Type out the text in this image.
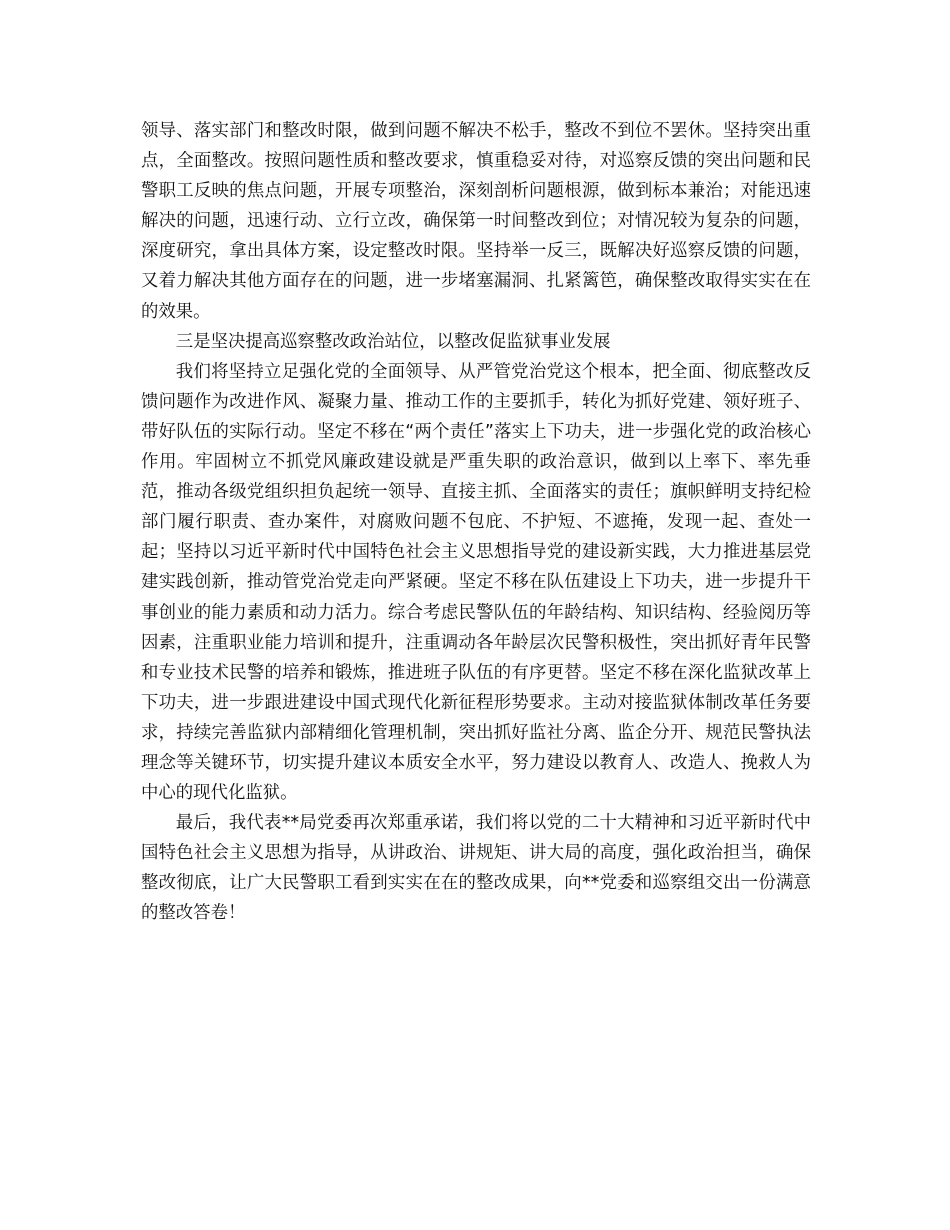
领导、落实部门和整改时限，做到问题不解决不松手，整改不到位不罢休。坚持突出重点，全面整改。按照问题性质和整改要求，慎重稳妥对待，对巡察反馈的突出问题和民警职工反映的焦点问题，开展专项整治，深刻剖析问题根源，做到标本兼治；对能迅速解决的问题，迅速行动、立行立改，确保第一时间整改到位；对情况较为复杂的问题，深度研究，拿出具体方案，设定整改时限。坚持举一反三，既解决好巡察反馈的问题，又着力解决其他方面存在的问题，进一步堵塞漏洞、扎紧篱笆，确保整改取得实实在在的效果。

三是坚决提高巡察整改政治站位，以整改促监狱事业发展

我们将坚持立足强化党的全面领导、从严管党治党这个根本，把全面、彻底整改反馈问题作为改进作风、凝聚力量、推动工作的主要抓手，转化为抓好党建、领好班子、带好队伍的实际行动。坚定不移在“两个责任”落实上下功夫，进一步强化党的政治核心作用。牢固树立不抓党风廉政建设就是严重失职的政治意识，做到以上率下、率先垂范，推动各级党组织担负起统一领导、直接主抓、全面落实的责任；旗帜鲜明支持纪检部门履行职责、查办案件，对腐败问题不包庇、不护短、不遮掩，发现一起、查处一起；坚持以习近平新时代中国特色社会主义思想指导党的建设新实践，大力推进基层党建实践创新，推动管党治党走向严紧硬。坚定不移在队伍建设上下功夫，进一步提升干事创业的能力素质和动力活力。综合考虑民警队伍的年龄结构、知识结构、经验阅历等因素，注重职业能力培训和提升，注重调动各年龄层次民警积极性，突出抓好青年民警和专业技术民警的培养和锻炼，推进班子队伍的有序更替。坚定不移在深化监狱改革上下功夫，进一步跟进建设中国式现代化新征程形势要求。主动对接监狱体制改革任务要求，持续完善监狱内部精细化管理机制，突出抓好监社分离、监企分开、规范民警执法理念等关键环节，切实提升建议本质安全水平，努力建设以教育人、改造人、挽救人为中心的现代化监狱。

最后，我代表**局党委再次郑重承诺，我们将以党的二十大精神和习近平新时代中国特色社会主义思想为指导，从讲政治、讲规矩、讲大局的高度，强化政治担当，确保整改彻底，让广大民警职工看到实实在在的整改成果，向**党委和巡察组交出一份满意的整改答卷！
